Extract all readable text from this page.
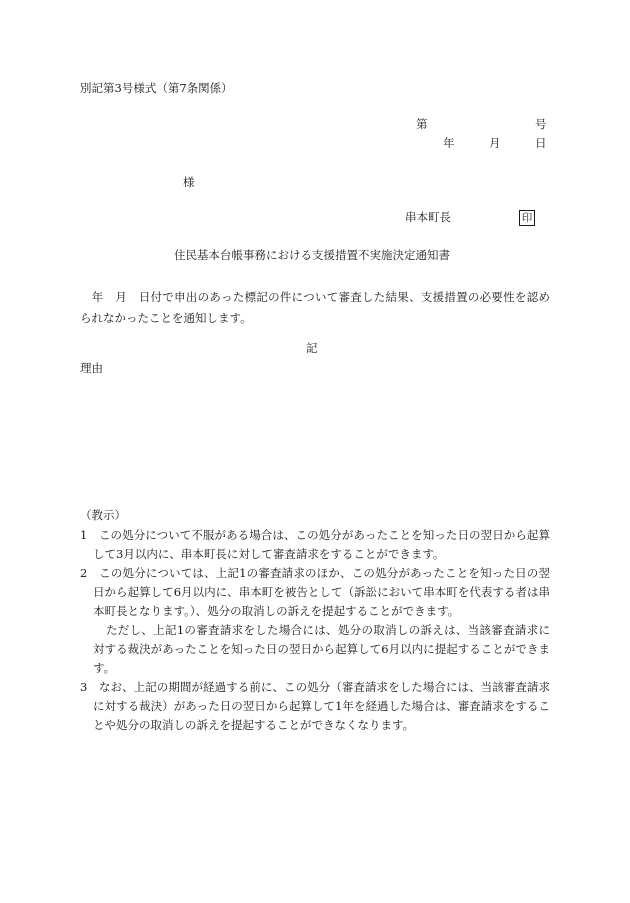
別記第3号様式（第7条関係）
第	号
年	月	日
様
串本町長	印
住民基本台帳事務における支援措置不実施決定通知書
　年　月　日付で申出のあった標記の件について審査した結果、支援措置の必要性を認められなかったことを通知します。
記
理由
（教示）
1　この処分について不服がある場合は、この処分があったことを知った日の翌日から起算して3月以内に、串本町長に対して審査請求をすることができます。
2　この処分については、上記1の審査請求のほか、この処分があったことを知った日の翌日から起算して6月以内に、串本町を被告として（訴訟において串本町を代表する者は串本町長となります。）、処分の取消しの訴えを提起することができます。
ただし、上記1の審査請求をした場合には、処分の取消しの訴えは、当該審査請求に対する裁決があったことを知った日の翌日から起算して6月以内に提起することができます。
3　なお、上記の期間が経過する前に、この処分（審査請求をした場合には、当該審査請求に対する裁決）があった日の翌日から起算して1年を経過した場合は、審査請求をすることや処分の取消しの訴えを提起することができなくなります。
